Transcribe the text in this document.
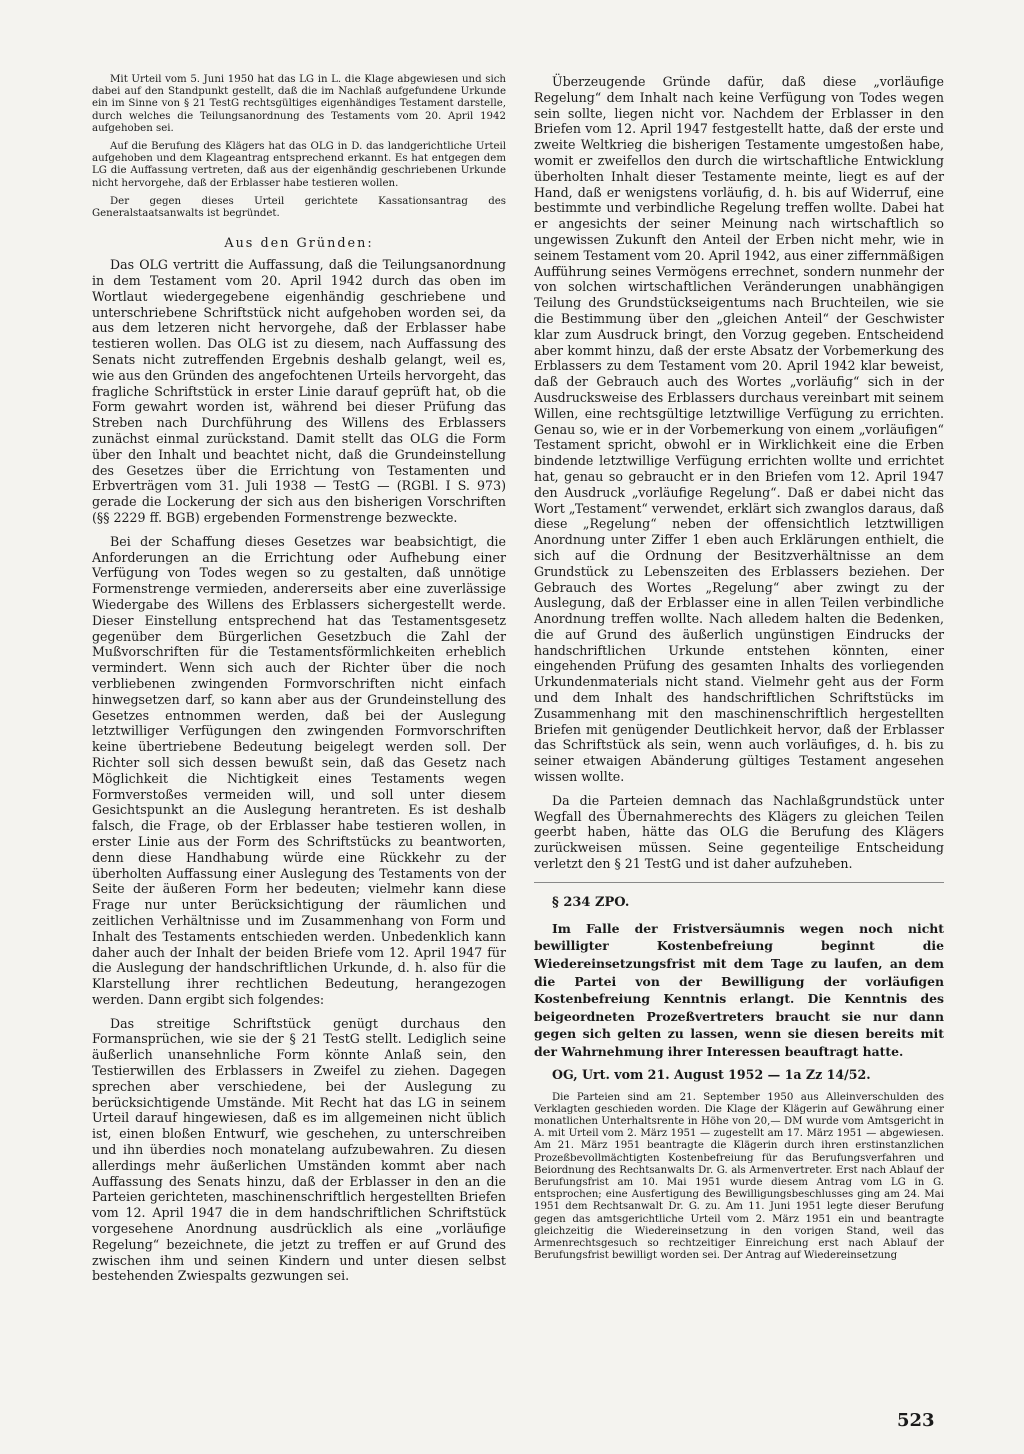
Mit Urteil vom 5. Juni 1950 hat das LG in L. die Klage abgewiesen und sich dabei auf den Standpunkt gestellt, daß die im Nachlaß aufgefundene Urkunde ein im Sinne von § 21 TestG rechtsgültiges eigenhändiges Testament darstelle, durch welches die Teilungsanordnung des Testaments vom 20. April 1942 aufgehoben sei.

Auf die Berufung des Klägers hat das OLG in D. das landgerichtliche Urteil aufgehoben und dem Klageantrag entsprechend erkannt. Es hat entgegen dem LG die Auffassung vertreten, daß aus der eigenhändig geschriebenen Urkunde nicht hervorgehe, daß der Erblasser habe testieren wollen.

Der gegen dieses Urteil gerichtete Kassationsantrag des Generalstaatsanwalts ist begründet.

Aus den Gründen:

Das OLG vertritt die Auffassung, daß die Teilungsanordnung in dem Testament vom 20. April 1942 durch das oben im Wortlaut wiedergegebene eigenhändig geschriebene und unterschriebene Schriftstück nicht aufgehoben worden sei, da aus dem letzeren nicht hervorgehe, daß der Erblasser habe testieren wollen. Das OLG ist zu diesem, nach Auffassung des Senats nicht zutreffenden Ergebnis deshalb gelangt, weil es, wie aus den Gründen des angefochtenen Urteils hervorgeht, das fragliche Schriftstück in erster Linie darauf geprüft hat, ob die Form gewahrt worden ist, während bei dieser Prüfung das Streben nach Durchführung des Willens des Erblassers zunächst einmal zurückstand. Damit stellt das OLG die Form über den Inhalt und beachtet nicht, daß die Grundeinstellung des Gesetzes über die Errichtung von Testamenten und Erbverträgen vom 31. Juli 1938 — TestG — (RGBl. I S. 973) gerade die Lockerung der sich aus den bisherigen Vorschriften (§§ 2229 ff. BGB) ergebenden Formenstrenge bezweckte.

Bei der Schaffung dieses Gesetzes war beabsichtigt, die Anforderungen an die Errichtung oder Aufhebung einer Verfügung von Todes wegen so zu gestalten, daß unnötige Formenstrenge vermieden, andererseits aber eine zuverlässige Wiedergabe des Willens des Erblassers sichergestellt werde. Dieser Einstellung entsprechend hat das Testamentsgesetz gegenüber dem Bürgerlichen Gesetzbuch die Zahl der Mußvorschriften für die Testamentsförmlichkeiten erheblich vermindert. Wenn sich auch der Richter über die noch verbliebenen zwingenden Formvorschriften nicht einfach hinwegsetzen darf, so kann aber aus der Grundeinstellung des Gesetzes entnommen werden, daß bei der Auslegung letztwilliger Verfügungen den zwingenden Formvorschriften keine übertriebene Bedeutung beigelegt werden soll. Der Richter soll sich dessen bewußt sein, daß das Gesetz nach Möglichkeit die Nichtigkeit eines Testaments wegen Formverstoßes vermeiden will, und soll unter diesem Gesichtspunkt an die Auslegung herantreten. Es ist deshalb falsch, die Frage, ob der Erblasser habe testieren wollen, in erster Linie aus der Form des Schriftstücks zu beantworten, denn diese Handhabung würde eine Rückkehr zu der überholten Auffassung einer Auslegung des Testaments von der Seite der äußeren Form her bedeuten; vielmehr kann diese Frage nur unter Berücksichtigung der räumlichen und zeitlichen Verhältnisse und im Zusammenhang von Form und Inhalt des Testaments entschieden werden. Unbedenklich kann daher auch der Inhalt der beiden Briefe vom 12. April 1947 für die Auslegung der handschriftlichen Urkunde, d. h. also für die Klarstellung ihrer rechtlichen Bedeutung, herangezogen werden. Dann ergibt sich folgendes:

Das streitige Schriftstück genügt durchaus den Formansprüchen, wie sie der § 21 TestG stellt. Lediglich seine äußerlich unansehnliche Form könnte Anlaß sein, den Testierwillen des Erblassers in Zweifel zu ziehen. Dagegen sprechen aber verschiedene, bei der Auslegung zu berücksichtigende Umstände. Mit Recht hat das LG in seinem Urteil darauf hingewiesen, daß es im allgemeinen nicht üblich ist, einen bloßen Entwurf, wie geschehen, zu unterschreiben und ihn überdies noch monatelang aufzubewahren. Zu diesen allerdings mehr äußerlichen Umständen kommt aber nach Auffassung des Senats hinzu, daß der Erblasser in den an die Parteien gerichteten, maschinenschriftlich hergestellten Briefen vom 12. April 1947 die in dem handschriftlichen Schriftstück vorgesehene Anordnung ausdrücklich als eine „vorläufige Regelung“ bezeichnete, die jetzt zu treffen er auf Grund des zwischen ihm und seinen Kindern und unter diesen selbst bestehenden Zwiespalts gezwungen sei.

Überzeugende Gründe dafür, daß diese „vorläufige Regelung“ dem Inhalt nach keine Verfügung von Todes wegen sein sollte, liegen nicht vor. Nachdem der Erblasser in den Briefen vom 12. April 1947 festgestellt hatte, daß der erste und zweite Weltkrieg die bisherigen Testamente umgestoßen habe, womit er zweifellos den durch die wirtschaftliche Entwicklung überholten Inhalt dieser Testamente meinte, liegt es auf der Hand, daß er wenigstens vorläufig, d. h. bis auf Widerruf, eine bestimmte und verbindliche Regelung treffen wollte. Dabei hat er angesichts der seiner Meinung nach wirtschaftlich so ungewissen Zukunft den Anteil der Erben nicht mehr, wie in seinem Testament vom 20. April 1942, aus einer ziffernmäßigen Aufführung seines Vermögens errechnet, sondern nunmehr der von solchen wirtschaftlichen Veränderungen unabhängigen Teilung des Grundstückseigentums nach Bruchteilen, wie sie die Bestimmung über den „gleichen Anteil“ der Geschwister klar zum Ausdruck bringt, den Vorzug gegeben. Entscheidend aber kommt hinzu, daß der erste Absatz der Vorbemerkung des Erblassers zu dem Testament vom 20. April 1942 klar beweist, daß der Gebrauch auch des Wortes „vorläufig“ sich in der Ausdrucksweise des Erblassers durchaus vereinbart mit seinem Willen, eine rechtsgültige letztwillige Verfügung zu errichten. Genau so, wie er in der Vorbemerkung von einem „vorläufigen“ Testament spricht, obwohl er in Wirklichkeit eine die Erben bindende letztwillige Verfügung errichten wollte und errichtet hat, genau so gebraucht er in den Briefen vom 12. April 1947 den Ausdruck „vorläufige Regelung“. Daß er dabei nicht das Wort „Testament“ verwendet, erklärt sich zwanglos daraus, daß diese „Regelung“ neben der offensichtlich letztwilligen Anordnung unter Ziffer 1 eben auch Erklärungen enthielt, die sich auf die Ordnung der Besitzverhältnisse an dem Grundstück zu Lebenszeiten des Erblassers beziehen. Der Gebrauch des Wortes „Regelung“ aber zwingt zu der Auslegung, daß der Erblasser eine in allen Teilen verbindliche Anordnung treffen wollte. Nach alledem halten die Bedenken, die auf Grund des äußerlich ungünstigen Eindrucks der handschriftlichen Urkunde entstehen könnten, einer eingehenden Prüfung des gesamten Inhalts des vorliegenden Urkundenmaterials nicht stand. Vielmehr geht aus der Form und dem Inhalt des handschriftlichen Schriftstücks im Zusammenhang mit den maschinenschriftlich hergestellten Briefen mit genügender Deutlichkeit hervor, daß der Erblasser das Schriftstück als sein, wenn auch vorläufiges, d. h. bis zu seiner etwaigen Abänderung gültiges Testament angesehen wissen wollte.

Da die Parteien demnach das Nachlaßgrundstück unter Wegfall des Übernahmerechts des Klägers zu gleichen Teilen geerbt haben, hätte das OLG die Berufung des Klägers zurückweisen müssen. Seine gegenteilige Entscheidung verletzt den § 21 TestG und ist daher aufzuheben.

§ 234 ZPO.

Im Falle der Fristversäumnis wegen noch nicht bewilligter Kostenbefreiung beginnt die Wiedereinsetzungsfrist mit dem Tage zu laufen, an dem die Partei von der Bewilligung der vorläufigen Kostenbefreiung Kenntnis erlangt. Die Kenntnis des beigeordneten Prozeßvertreters braucht sie nur dann gegen sich gelten zu lassen, wenn sie diesen bereits mit der Wahrnehmung ihrer Interessen beauftragt hatte.

OG, Urt. vom 21. August 1952 — 1a Zz 14/52.

Die Parteien sind am 21. September 1950 aus Alleinverschulden des Verklagten geschieden worden. Die Klage der Klägerin auf Gewährung einer monatlichen Unterhaltsrente in Höhe von 20,— DM wurde vom Amtsgericht in A. mit Urteil vom 2. März 1951 — zugestellt am 17. März 1951 — abgewiesen. Am 21. März 1951 beantragte die Klägerin durch ihren erstinstanzlichen Prozeßbevollmächtigten Kostenbefreiung für das Berufungsverfahren und Beiordnung des Rechtsanwalts Dr. G. als Armenvertreter. Erst nach Ablauf der Berufungsfrist am 10. Mai 1951 wurde diesem Antrag vom LG in G. entsprochen; eine Ausfertigung des Bewilligungsbeschlusses ging am 24. Mai 1951 dem Rechtsanwalt Dr. G. zu. Am 11. Juni 1951 legte dieser Berufung gegen das amtsgerichtliche Urteil vom 2. März 1951 ein und beantragte gleichzeitig die Wiedereinsetzung in den vorigen Stand, weil das Armenrechtsgesuch so rechtzeitiger Einreichung erst nach Ablauf der Berufungsfrist bewilligt worden sei. Der Antrag auf Wiedereinsetzung

523
